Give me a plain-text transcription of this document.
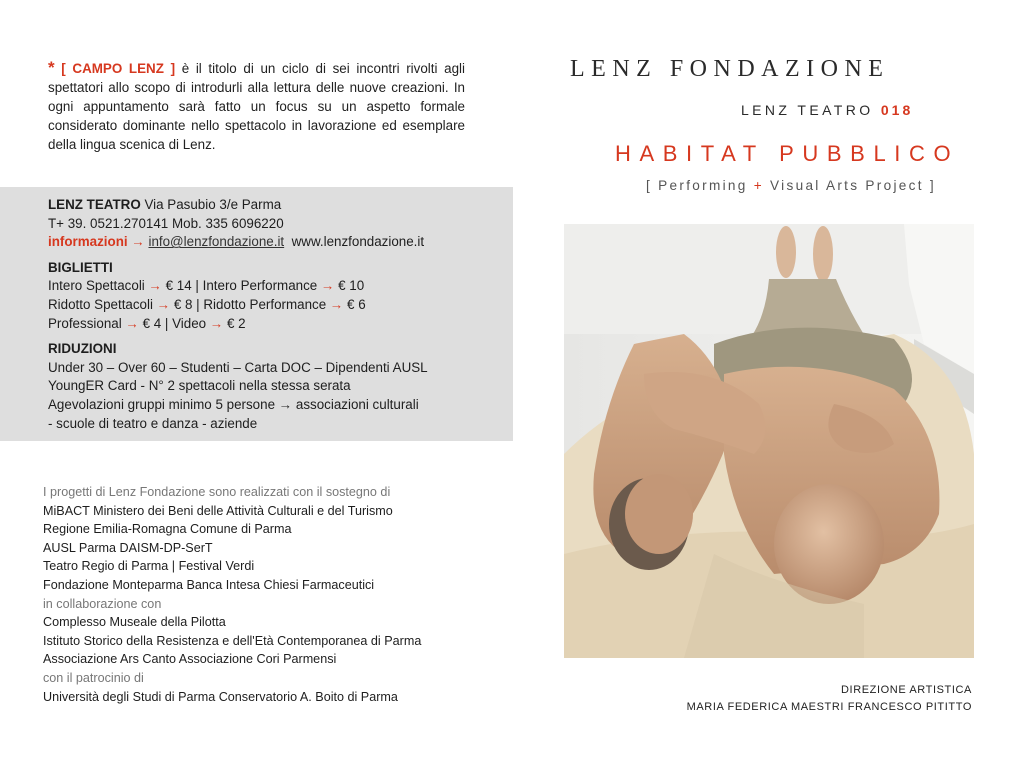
* [ CAMPO LENZ ] è il titolo di un ciclo di sei incontri rivolti agli spettatori allo scopo di introdurli alla lettura delle nuove creazioni. In ogni appuntamento sarà fatto un focus su un aspetto formale considerato dominante nello spettacolo in lavorazione ed esemplare della lingua scenica di Lenz.
LENZ TEATRO Via Pasubio 3/e Parma
T+ 39. 0521.270141 Mob. 335 6096220
informazioni → info@lenzfondazione.it www.lenzfondazione.it
BIGLIETTI
Intero Spettacoli → € 14 | Intero Performance → € 10
Ridotto Spettacoli → € 8 | Ridotto Performance → € 6
Professional → € 4 | Video → € 2
RIDUZIONI
Under 30 – Over 60 – Studenti – Carta DOC – Dipendenti AUSL
YoungER Card - N° 2 spettacoli nella stessa serata
Agevolazioni gruppi minimo 5 persone → associazioni culturali
- scuole di teatro e danza - aziende
I progetti di Lenz Fondazione sono realizzati con il sostegno di
MiBACT Ministero dei Beni delle Attività Culturali e del Turismo
Regione Emilia-Romagna Comune di Parma
AUSL Parma DAISM-DP-SerT
Teatro Regio di Parma | Festival Verdi
Fondazione Monteparma Banca Intesa Chiesi Farmaceutici
in collaborazione con
Complesso Museale della Pilotta
Istituto Storico della Resistenza e dell'Età Contemporanea di Parma
Associazione Ars Canto Associazione Cori Parmensi
con il patrocinio di
Università degli Studi di Parma Conservatorio A. Boito di Parma
LENZ FONDAZIONE
LENZ TEATRO 018
HABITAT PUBBLICO
[ Performing + Visual Arts Project ]
DIREZIONE ARTISTICA
MARIA FEDERICA MAESTRI FRANCESCO PITITTO
